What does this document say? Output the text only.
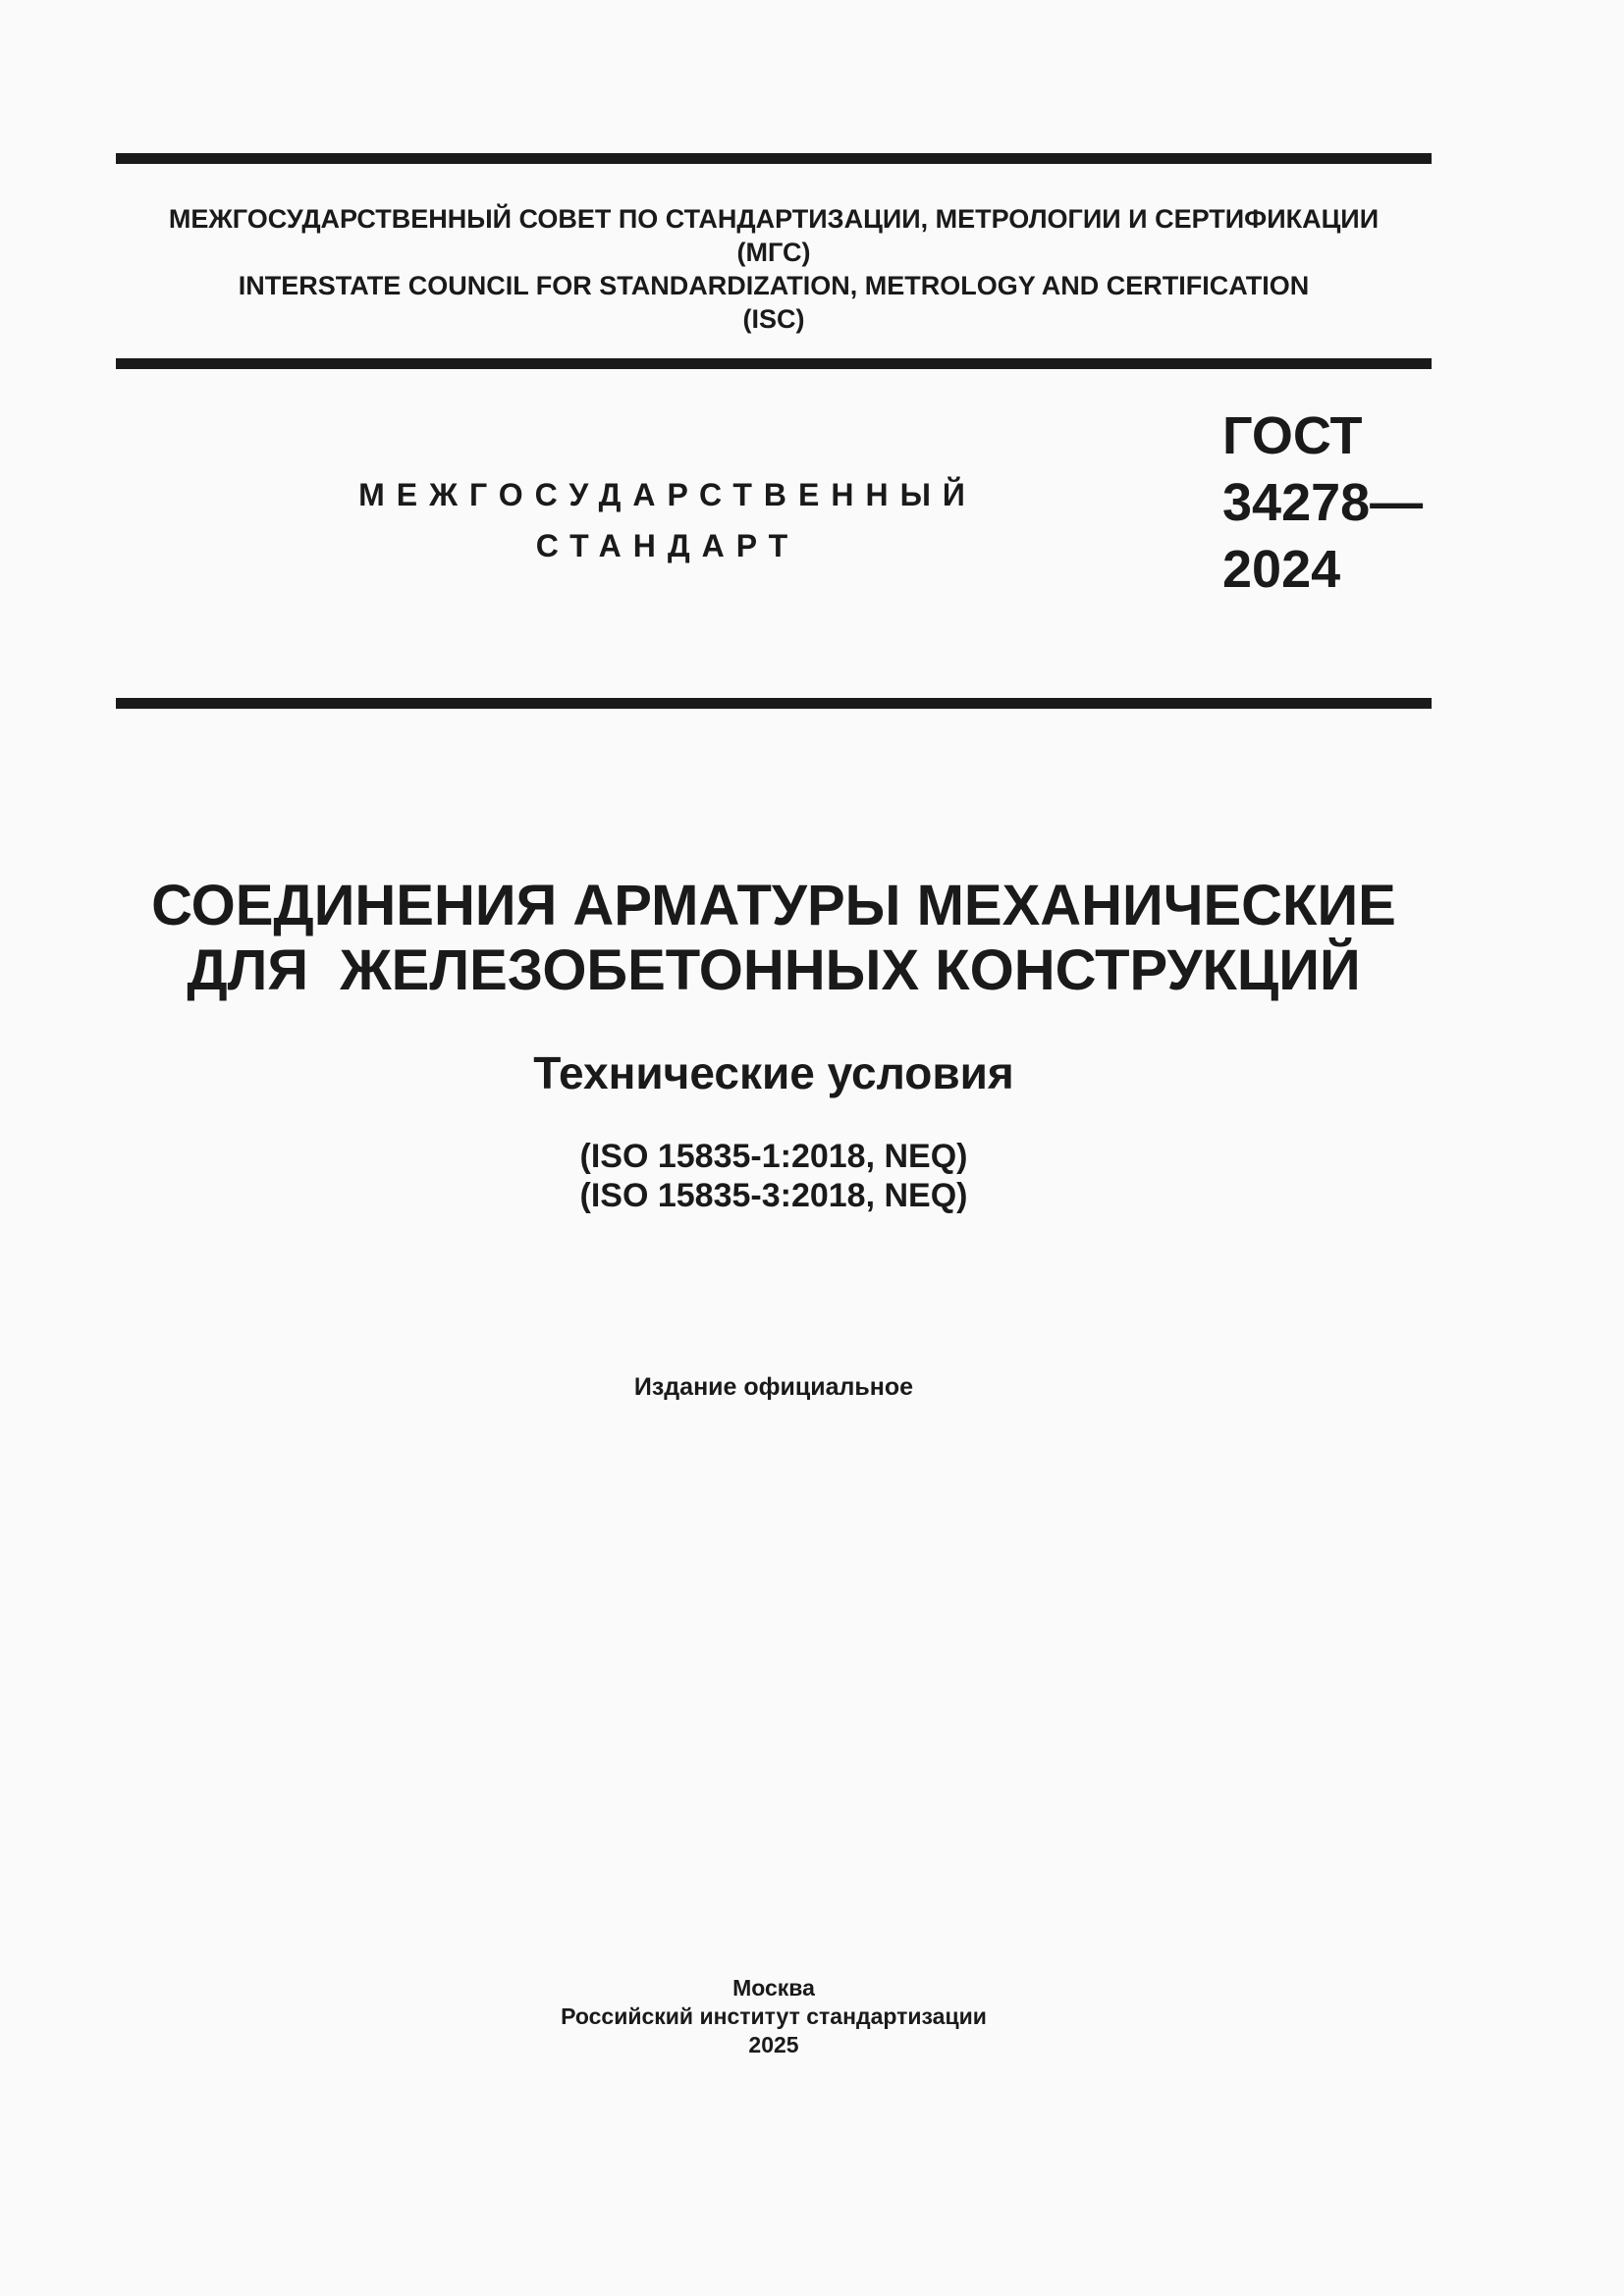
МЕЖГОСУДАРСТВЕННЫЙ СОВЕТ ПО СТАНДАРТИЗАЦИИ, МЕТРОЛОГИИ И СЕРТИФИКАЦИИ
(МГС)
INTERSTATE COUNCIL FOR STANDARDIZATION, METROLOGY AND CERTIFICATION
(ISC)
МЕЖГОСУДАРСТВЕННЫЙ
СТАНДАРТ
ГОСТ
34278—
2024
СОЕДИНЕНИЯ АРМАТУРЫ МЕХАНИЧЕСКИЕ
ДЛЯ  ЖЕЛЕЗОБЕТОННЫХ КОНСТРУКЦИЙ
Технические условия
(ISO 15835-1:2018, NEQ)
(ISO 15835-3:2018, NEQ)
Издание официальное
Москва
Российский институт стандартизации
2025
